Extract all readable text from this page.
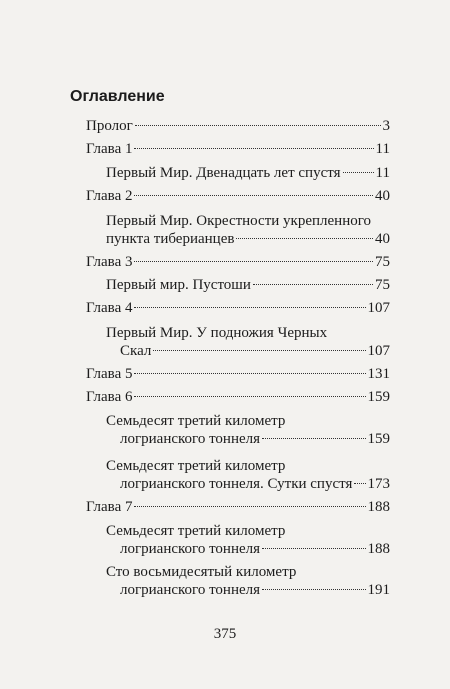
Оглавление
Пролог	3
Глава 1	11
Первый Мир. Двенадцать лет спустя 11
Глава 2	40
Первый Мир. Окрестности укрепленного
пункта тиберианцев	40
Глава 3	75
Первый мир. Пустоши	75
Глава 4	107
Первый Мир. У подножия Черных
Скал	107
Глава 5	131
Глава 6	159
Семьдесят третий километр
логрианского тоннеля	159
Семьдесят третий километр
логрианского тоннеля. Сутки спустя 173
Глава 7	188
Семьдесят третий километр
логрианского тоннеля	188
Сто восьмидесятый километр
логрианского тоннеля	191
375
